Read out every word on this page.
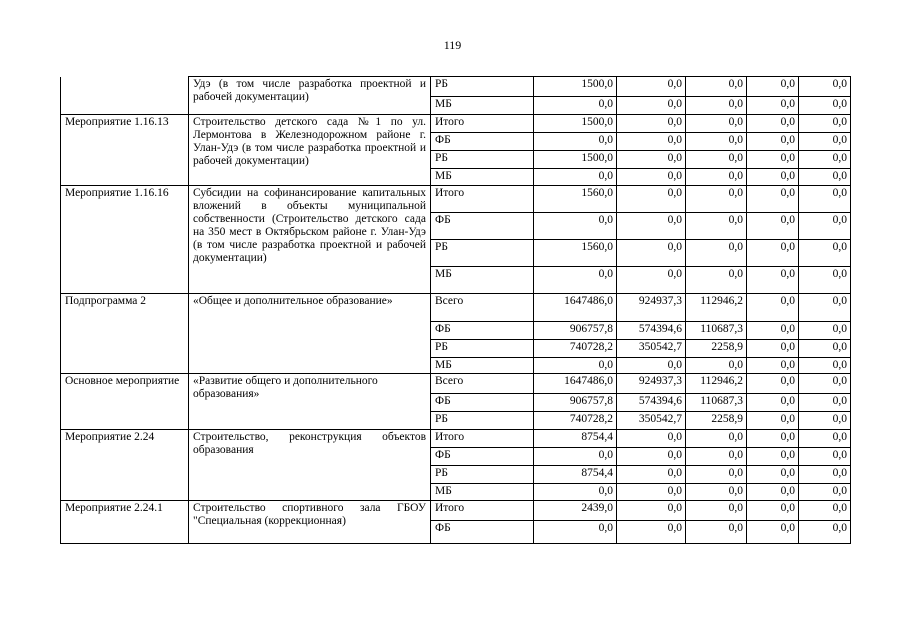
119
	Удэ (в том числе разработка проектной и рабочей документации)	РБ	1500,0	0,0	0,0	0,0	0,0
		МБ	0,0	0,0	0,0	0,0	0,0
Мероприятие 1.16.13	Строительство детского сада №1 по ул. Лермонтова в Железнодорожном районе г. Улан-Удэ (в том числе разработка проектной и рабочей документации)	Итого	1500,0	0,0	0,0	0,0	0,0
		ФБ	0,0	0,0	0,0	0,0	0,0
		РБ	1500,0	0,0	0,0	0,0	0,0
		МБ	0,0	0,0	0,0	0,0	0,0
Мероприятие 1.16.16	Субсидии на софинансирование капитальных вложений в объекты муниципальной собственности (Строительство детского сада на 350 мест в Октябрьском районе г. Улан-Удэ (в том числе разработка проектной и рабочей документации)	Итого	1560,0	0,0	0,0	0,0	0,0
		ФБ	0,0	0,0	0,0	0,0	0,0
		РБ	1560,0	0,0	0,0	0,0	0,0
		МБ	0,0	0,0	0,0	0,0	0,0
Подпрограмма 2	«Общее и дополнительное образование»	Всего	1647486,0	924937,3	112946,2	0,0	0,0
		ФБ	906757,8	574394,6	110687,3	0,0	0,0
		РБ	740728,2	350542,7	2258,9	0,0	0,0
		МБ	0,0	0,0	0,0	0,0	0,0
Основное мероприятие	«Развитие общего и дополнительного образования»	Всего	1647486,0	924937,3	112946,2	0,0	0,0
		ФБ	906757,8	574394,6	110687,3	0,0	0,0
		РБ	740728,2	350542,7	2258,9	0,0	0,0
Мероприятие 2.24	Строительство, реконструкция объектов образования	Итого	8754,4	0,0	0,0	0,0	0,0
		ФБ	0,0	0,0	0,0	0,0	0,0
		РБ	8754,4	0,0	0,0	0,0	0,0
		МБ	0,0	0,0	0,0	0,0	0,0
Мероприятие 2.24.1	Строительство спортивного зала ГБОУ "Специальная (коррекционная)	Итого	2439,0	0,0	0,0	0,0	0,0
		ФБ	0,0	0,0	0,0	0,0	0,0
